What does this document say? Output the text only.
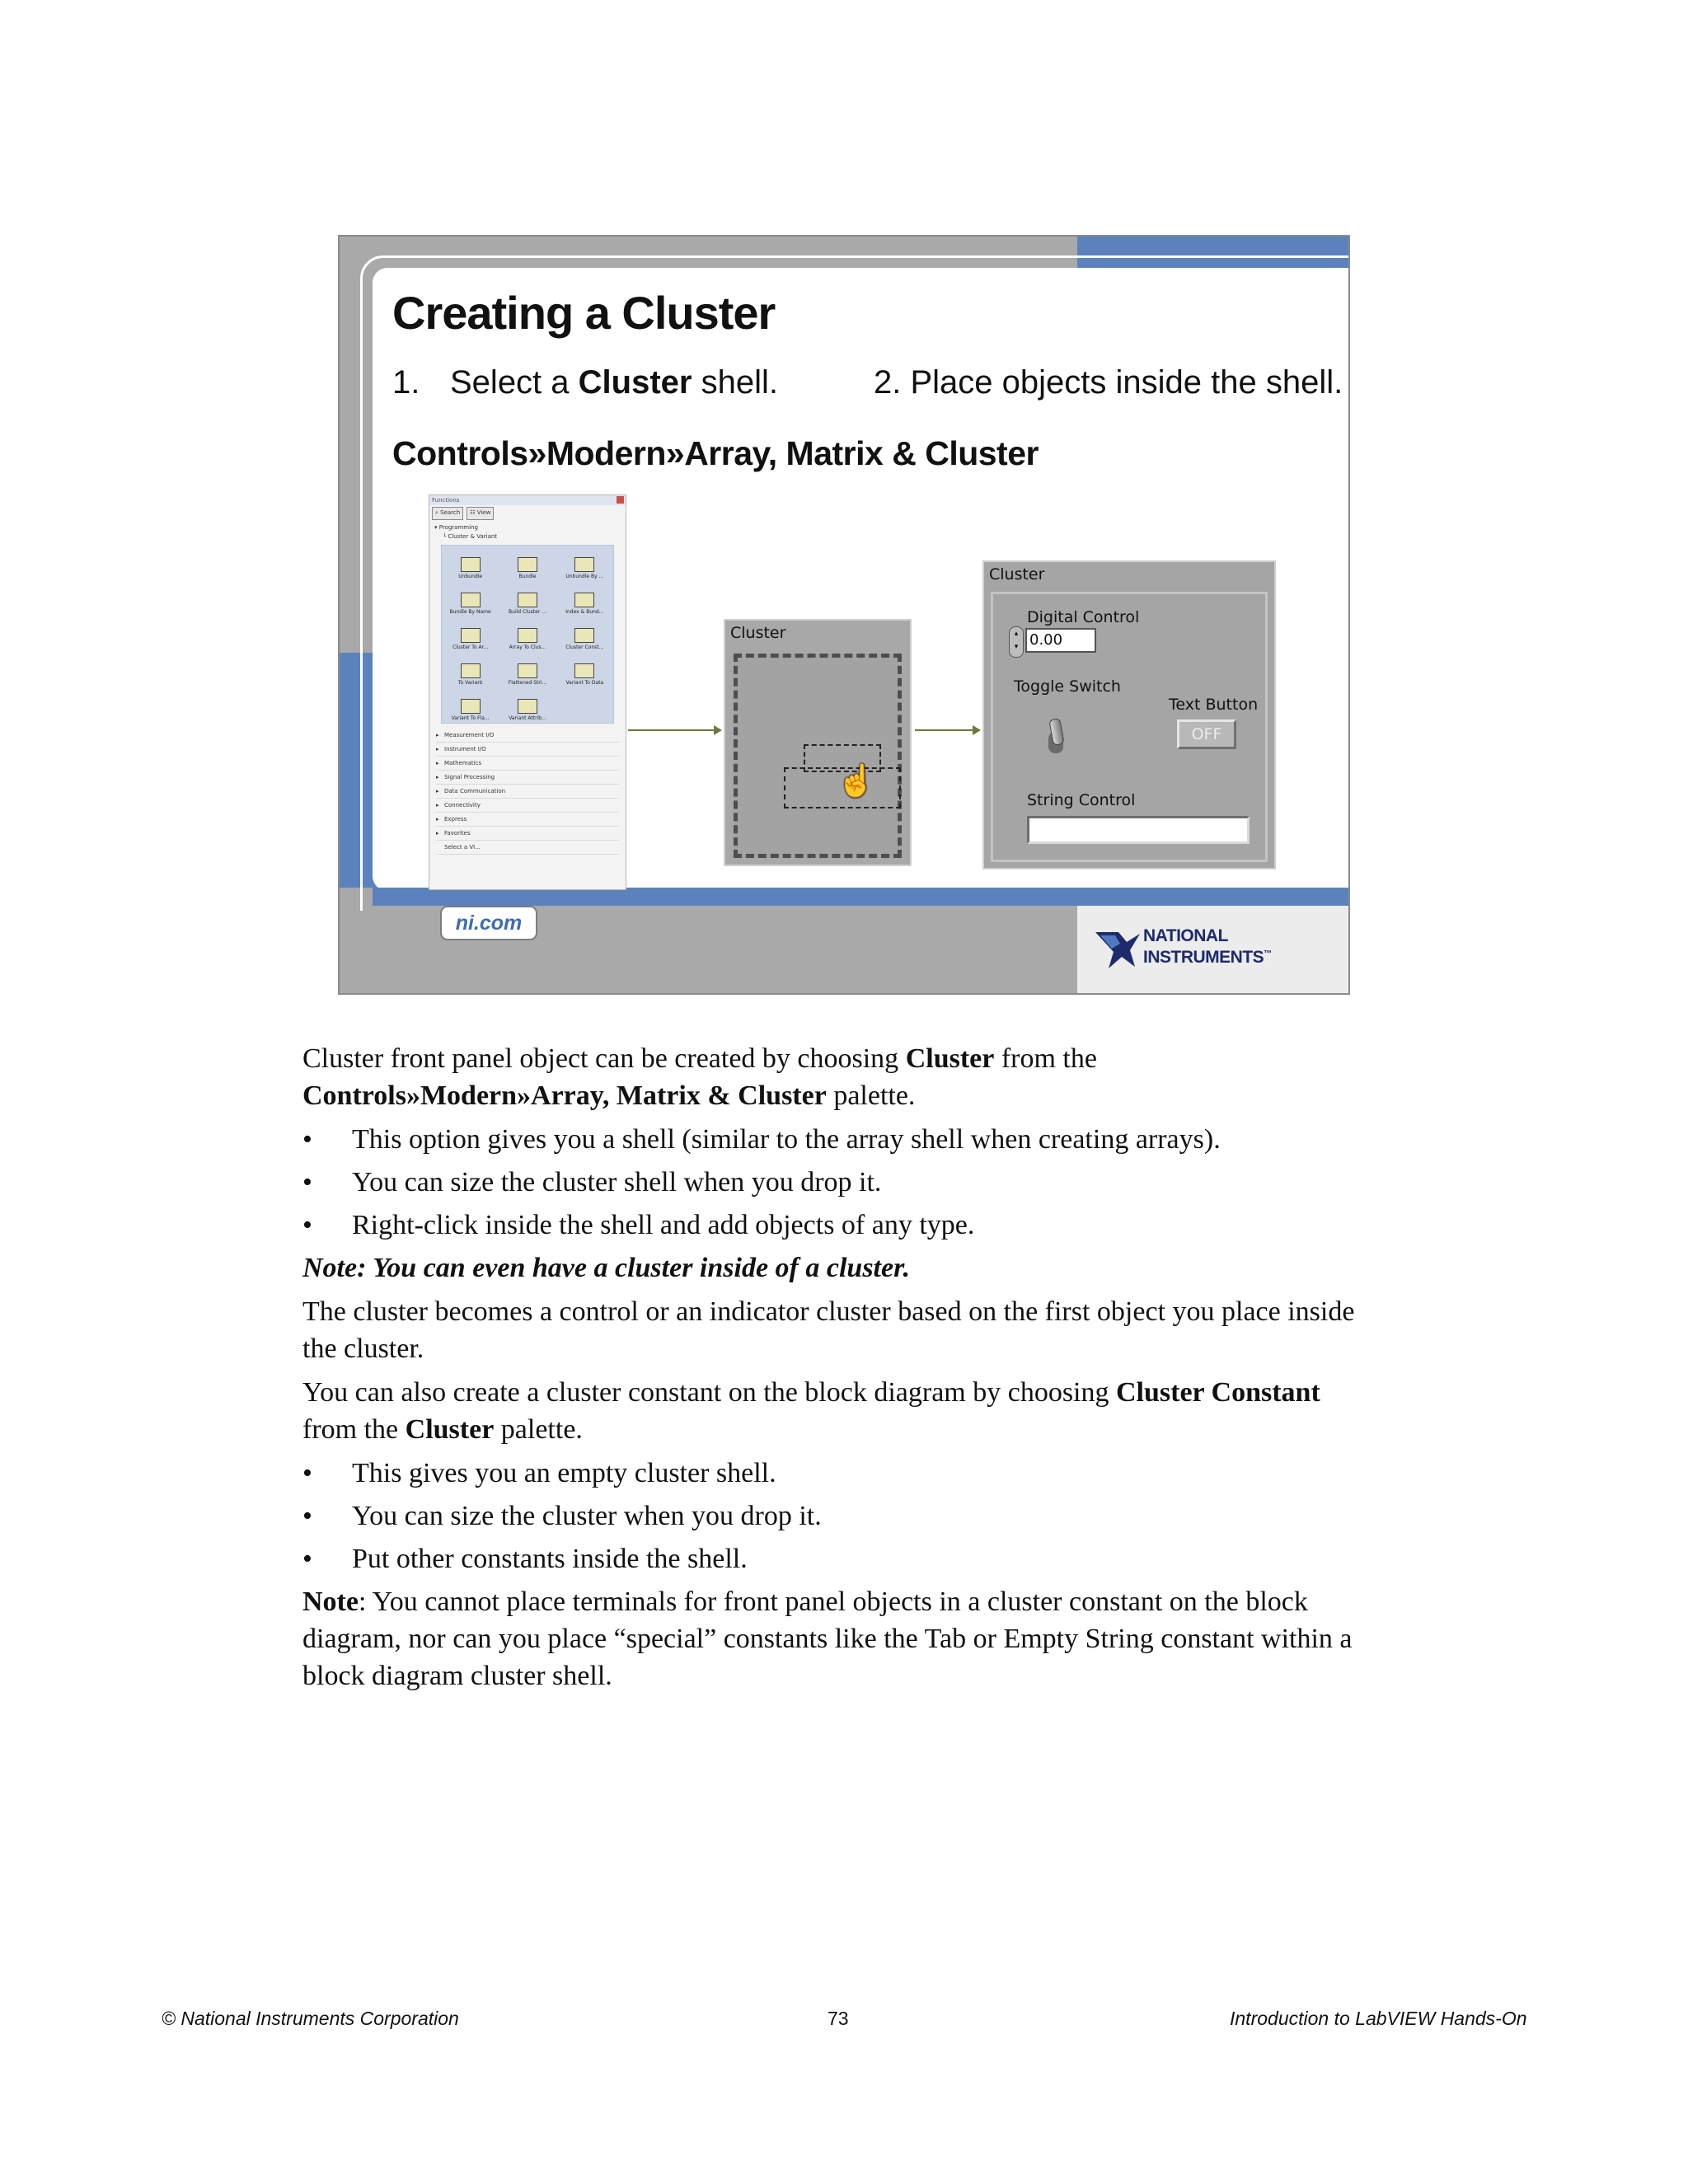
Creating a Cluster
1. Select a Cluster shell.	2. Place objects inside the shell.
Controls»Modern»Array, Matrix & Cluster
Functions
⌕ Search	☷ View
▾ Programming
└ Cluster & Variant
Unbundle	Bundle	Unbundle By ...
Bundle By Name	Build Cluster ...	Index & Bund...
Cluster To Ar...	Array To Clus...	Cluster Const...
To Variant	Flattened Stri...	Variant To Data
Variant To Fla...	Variant Attrib...
▸ Measurement I/O
▸ Instrument I/O
▸ Mathematics
▸ Signal Processing
▸ Data Communication
▸ Connectivity
▸ Express
▸ Favorites
Select a VI...
Cluster
☝
Cluster
Digital Control
▴
▾ 0.00
Toggle Switch
Text Button
OFF
String Control
ni.com
NATIONAL
INSTRUMENTS™
Cluster front panel object can be created by choosing Cluster from the
Controls»Modern»Array, Matrix & Cluster palette.
• This option gives you a shell (similar to the array shell when creating arrays).
• You can size the cluster shell when you drop it.
• Right-click inside the shell and add objects of any type.
Note: You can even have a cluster inside of a cluster.
The cluster becomes a control or an indicator cluster based on the first object you place inside the cluster.
You can also create a cluster constant on the block diagram by choosing Cluster Constant from the Cluster palette.
• This gives you an empty cluster shell.
• You can size the cluster when you drop it.
• Put other constants inside the shell.
Note: You cannot place terminals for front panel objects in a cluster constant on the block diagram, nor can you place “special” constants like the Tab or Empty String constant within a block diagram cluster shell.
© National Instruments Corporation	73	Introduction to LabVIEW Hands-On
